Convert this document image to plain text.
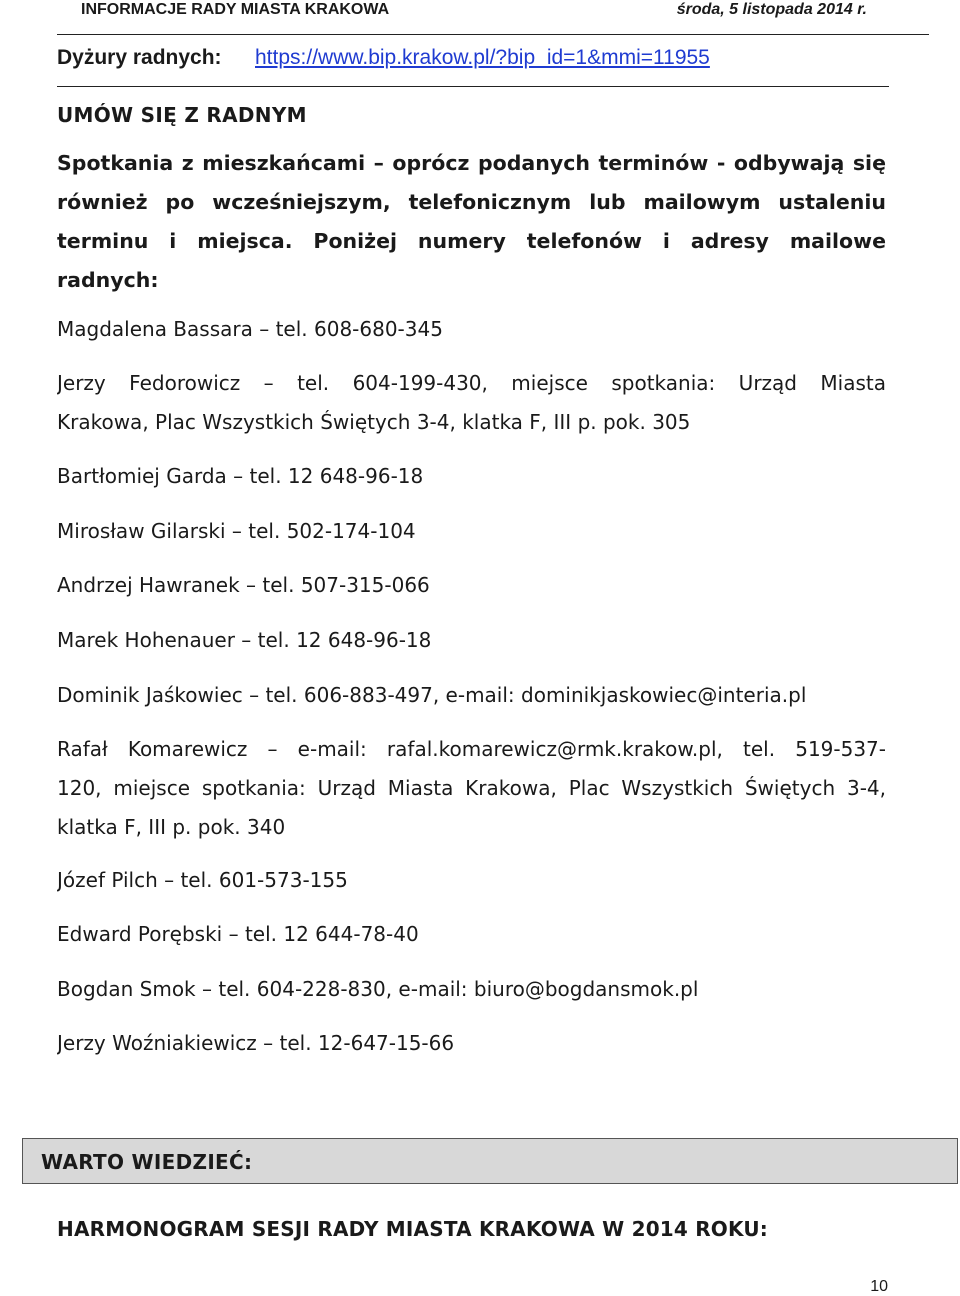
INFORMACJE RADY MIASTA KRAKOWA	środa, 5 listopada 2014 r.
Dyżury radnych: https://www.bip.krakow.pl/?bip_id=1&mmi=11955
UMÓW SIĘ Z RADNYM
Spotkania z mieszkańcami – oprócz podanych terminów - odbywają się
również po wcześniejszym, telefonicznym lub mailowym ustaleniu
terminu i miejsca. Poniżej numery telefonów i adresy mailowe
radnych:
Magdalena Bassara – tel. 608-680-345
Jerzy Fedorowicz – tel. 604-199-430, miejsce spotkania: Urząd Miasta
Krakowa, Plac Wszystkich Świętych 3-4, klatka F, III p. pok. 305
Bartłomiej Garda – tel. 12 648-96-18
Mirosław Gilarski – tel. 502-174-104
Andrzej Hawranek – tel. 507-315-066
Marek Hohenauer – tel. 12 648-96-18
Dominik Jaśkowiec – tel. 606-883-497, e-mail: dominikjaskowiec@interia.pl
Rafał Komarewicz – e-mail: rafal.komarewicz@rmk.krakow.pl, tel. 519-537-
120, miejsce spotkania: Urząd Miasta Krakowa, Plac Wszystkich Świętych 3-4,
klatka F, III p. pok. 340
Józef Pilch – tel. 601-573-155
Edward Porębski – tel. 12 644-78-40
Bogdan Smok – tel. 604-228-830, e-mail: biuro@bogdansmok.pl
Jerzy Woźniakiewicz – tel. 12-647-15-66
WARTO WIEDZIEĆ:
HARMONOGRAM SESJI RADY MIASTA KRAKOWA W 2014 ROKU:
10
